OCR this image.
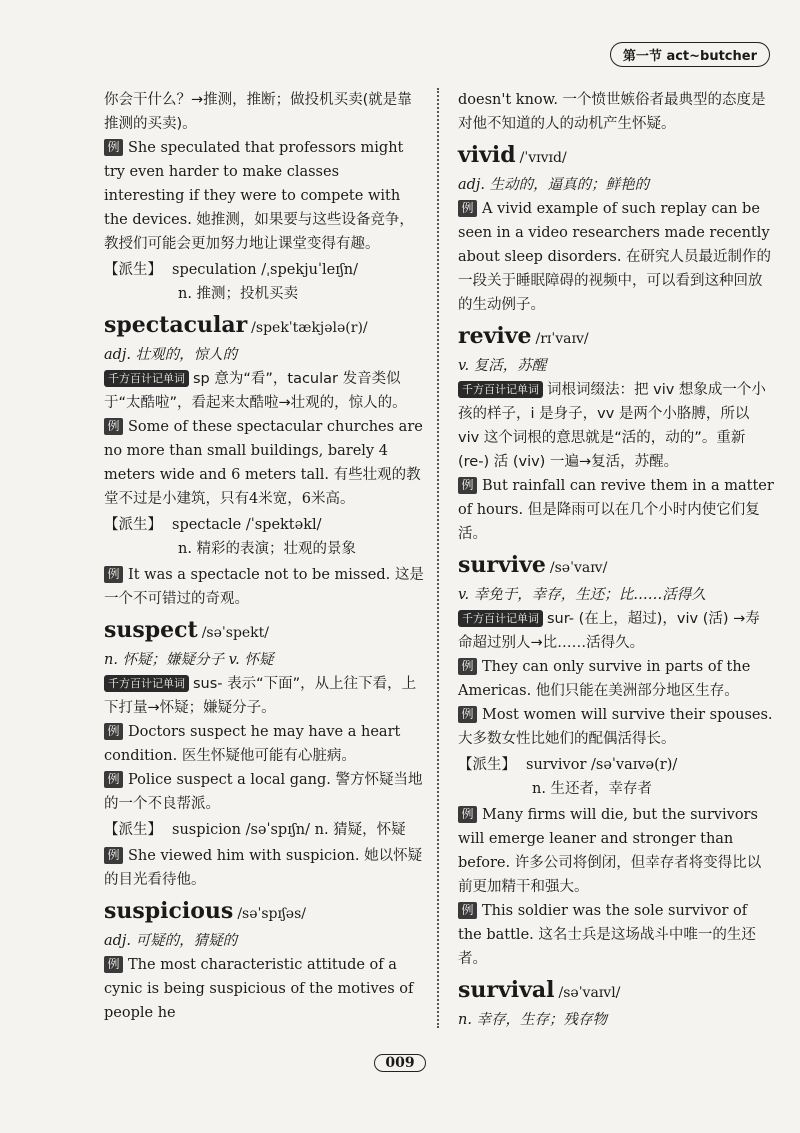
第一节 act~butcher

你会干什么？→推测，推断；做投机买卖(就是靠推测的买卖)。

例 She speculated that professors might try even harder to make classes interesting if they were to compete with the devices. 她推测，如果要与这些设备竞争，教授们可能会更加努力地让课堂变得有趣。

【派生】 speculation /ˌspekjuˈleɪʃn/
n. 推测；投机买卖
spectacular /spekˈtækjələ(r)/

adj. 壮观的，惊人的

千方百计记单词 sp 意为“看”，tacular 发音类似于“太酷啦”，看起来太酷啦→壮观的，惊人的。

例 Some of these spectacular churches are no more than small buildings, barely 4 meters wide and 6 meters tall. 有些壮观的教堂不过是小建筑，只有4米宽，6米高。

【派生】 spectacle /ˈspektəkl/
n. 精彩的表演；壮观的景象

例 It was a spectacle not to be missed. 这是一个不可错过的奇观。

suspect /səˈspekt/

n. 怀疑；嫌疑分子 v. 怀疑

千方百计记单词 sus- 表示“下面”，从上往下看，上下打量→怀疑；嫌疑分子。

例 Doctors suspect he may have a heart condition. 医生怀疑他可能有心脏病。

例 Police suspect a local gang. 警方怀疑当地的一个不良帮派。

【派生】 suspicion /səˈspɪʃn/ n. 猜疑，怀疑

例 She viewed him with suspicion. 她以怀疑的目光看待他。

suspicious /səˈspɪʃəs/

adj. 可疑的，猜疑的

例 The most characteristic attitude of a cynic is being suspicious of the motives of people he

doesn't know. 一个愤世嫉俗者最典型的态度是对他不知道的人的动机产生怀疑。

vivid /ˈvɪvɪd/

adj. 生动的，逼真的；鲜艳的

例 A vivid example of such replay can be seen in a video researchers made recently about sleep disorders. 在研究人员最近制作的一段关于睡眠障碍的视频中，可以看到这种回放的生动例子。

revive /rɪˈvaɪv/

v. 复活，苏醒

千方百计记单词 词根词缀法：把 viv 想象成一个小孩的样子，i 是身子，vv 是两个小胳膊，所以 viv 这个词根的意思就是“活的，动的”。重新 (re-) 活 (viv) 一遍→复活，苏醒。

例 But rainfall can revive them in a matter of hours. 但是降雨可以在几个小时内使它们复活。

survive /səˈvaɪv/

v. 幸免于，幸存，生还；比……活得久

千方百计记单词 sur- (在上，超过)，viv (活) →寿命超过别人→比……活得久。

例 They can only survive in parts of the Americas. 他们只能在美洲部分地区生存。

例 Most women will survive their spouses. 大多数女性比她们的配偶活得长。

【派生】 survivor /səˈvaɪvə(r)/
n. 生还者，幸存者

例 Many firms will die, but the survivors will emerge leaner and stronger than before. 许多公司将倒闭，但幸存者将变得比以前更加精干和强大。

例 This soldier was the sole survivor of the battle. 这名士兵是这场战斗中唯一的生还者。

survival /səˈvaɪvl/

n. 幸存，生存；残存物

009
